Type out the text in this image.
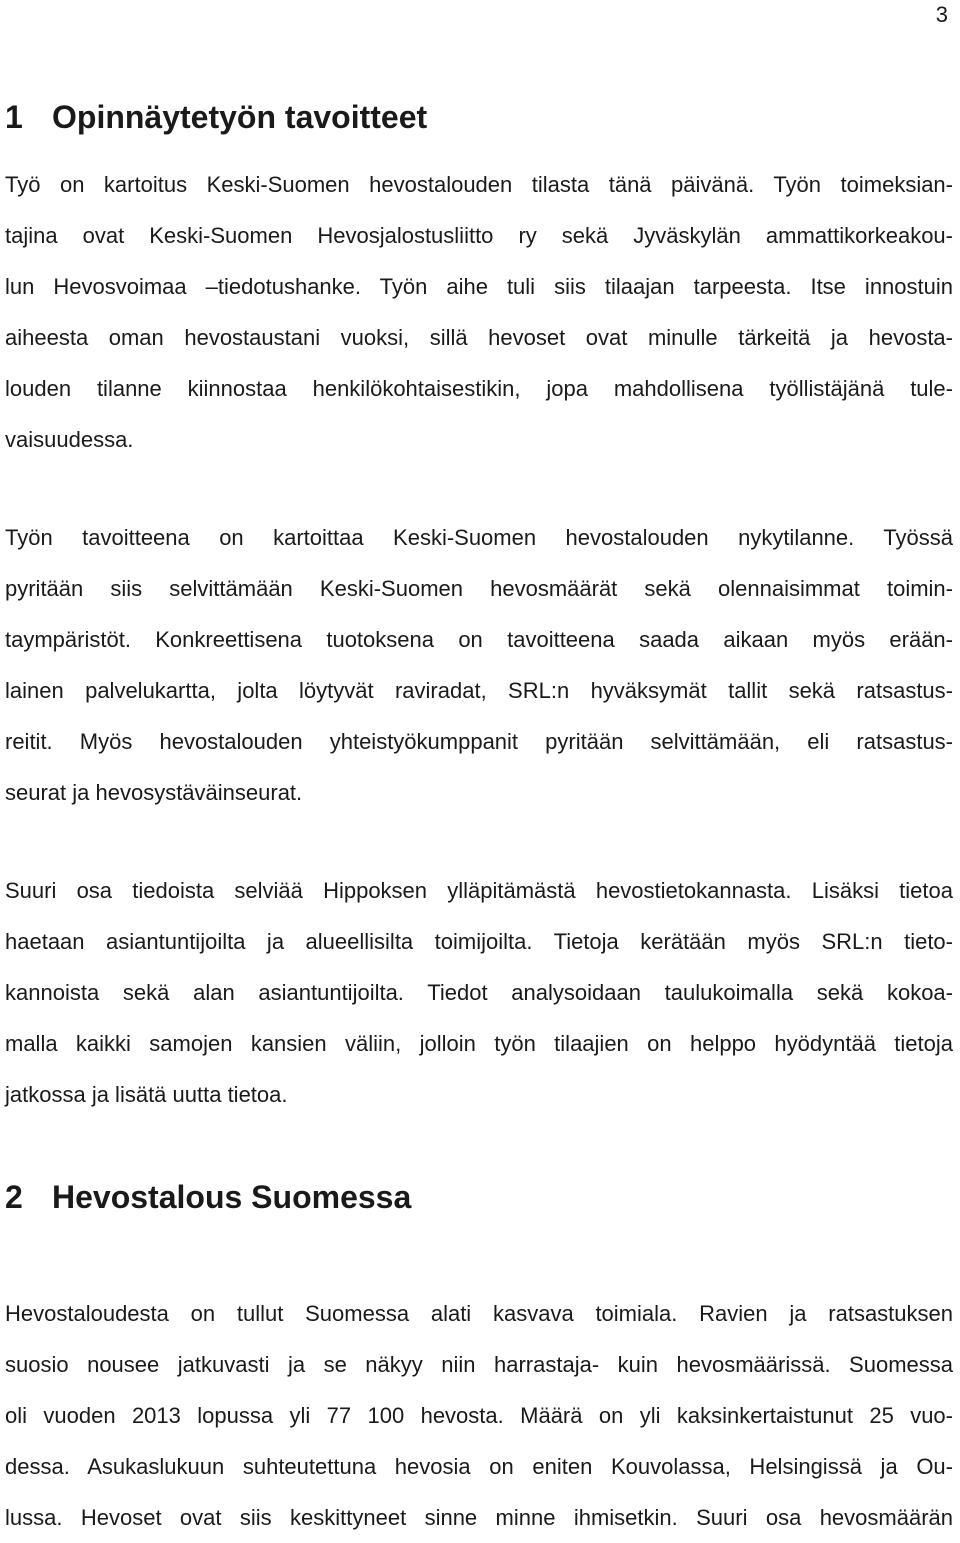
3
1 Opinnäytetyön tavoitteet
Työ on kartoitus Keski-Suomen hevostalouden tilasta tänä päivänä. Työn toimeksian-
tajina ovat Keski-Suomen Hevosjalostusliitto ry sekä Jyväskylän ammattikorkeakou-
lun Hevosvoimaa –tiedotushanke. Työn aihe tuli siis tilaajan tarpeesta. Itse innostuin
aiheesta oman hevostaustani vuoksi, sillä hevoset ovat minulle tärkeitä ja hevosta-
louden tilanne kiinnostaa henkilökohtaisestikin, jopa mahdollisena työllistäjänä tule-
vaisuudessa.
Työn tavoitteena on kartoittaa Keski-Suomen hevostalouden nykytilanne. Työssä
pyritään siis selvittämään Keski-Suomen hevosmäärät sekä olennaisimmat toimin-
taympäristöt. Konkreettisena tuotoksena on tavoitteena saada aikaan myös erään-
lainen palvelukartta, jolta löytyvät raviradat, SRL:n hyväksymät tallit sekä ratsastus-
reitit. Myös hevostalouden yhteistyökumppanit pyritään selvittämään, eli ratsastus-
seurat ja hevosystäväinseurat.
Suuri osa tiedoista selviää Hippoksen ylläpitämästä hevostietokannasta. Lisäksi tietoa
haetaan asiantuntijoilta ja alueellisilta toimijoilta. Tietoja kerätään myös SRL:n tieto-
kannoista sekä alan asiantuntijoilta. Tiedot analysoidaan taulukoimalla sekä kokoa-
malla kaikki samojen kansien väliin, jolloin työn tilaajien on helppo hyödyntää tietoja
jatkossa ja lisätä uutta tietoa.
2 Hevostalous Suomessa
Hevostaloudesta on tullut Suomessa alati kasvava toimiala. Ravien ja ratsastuksen
suosio nousee jatkuvasti ja se näkyy niin harrastaja- kuin hevosmäärissä. Suomessa
oli vuoden 2013 lopussa yli 77 100 hevosta. Määrä on yli kaksinkertaistunut 25 vuo-
dessa. Asukaslukuun suhteutettuna hevosia on eniten Kouvolassa, Helsingissä ja Ou-
lussa. Hevoset ovat siis keskittyneet sinne minne ihmisetkin. Suuri osa hevosmäärän
